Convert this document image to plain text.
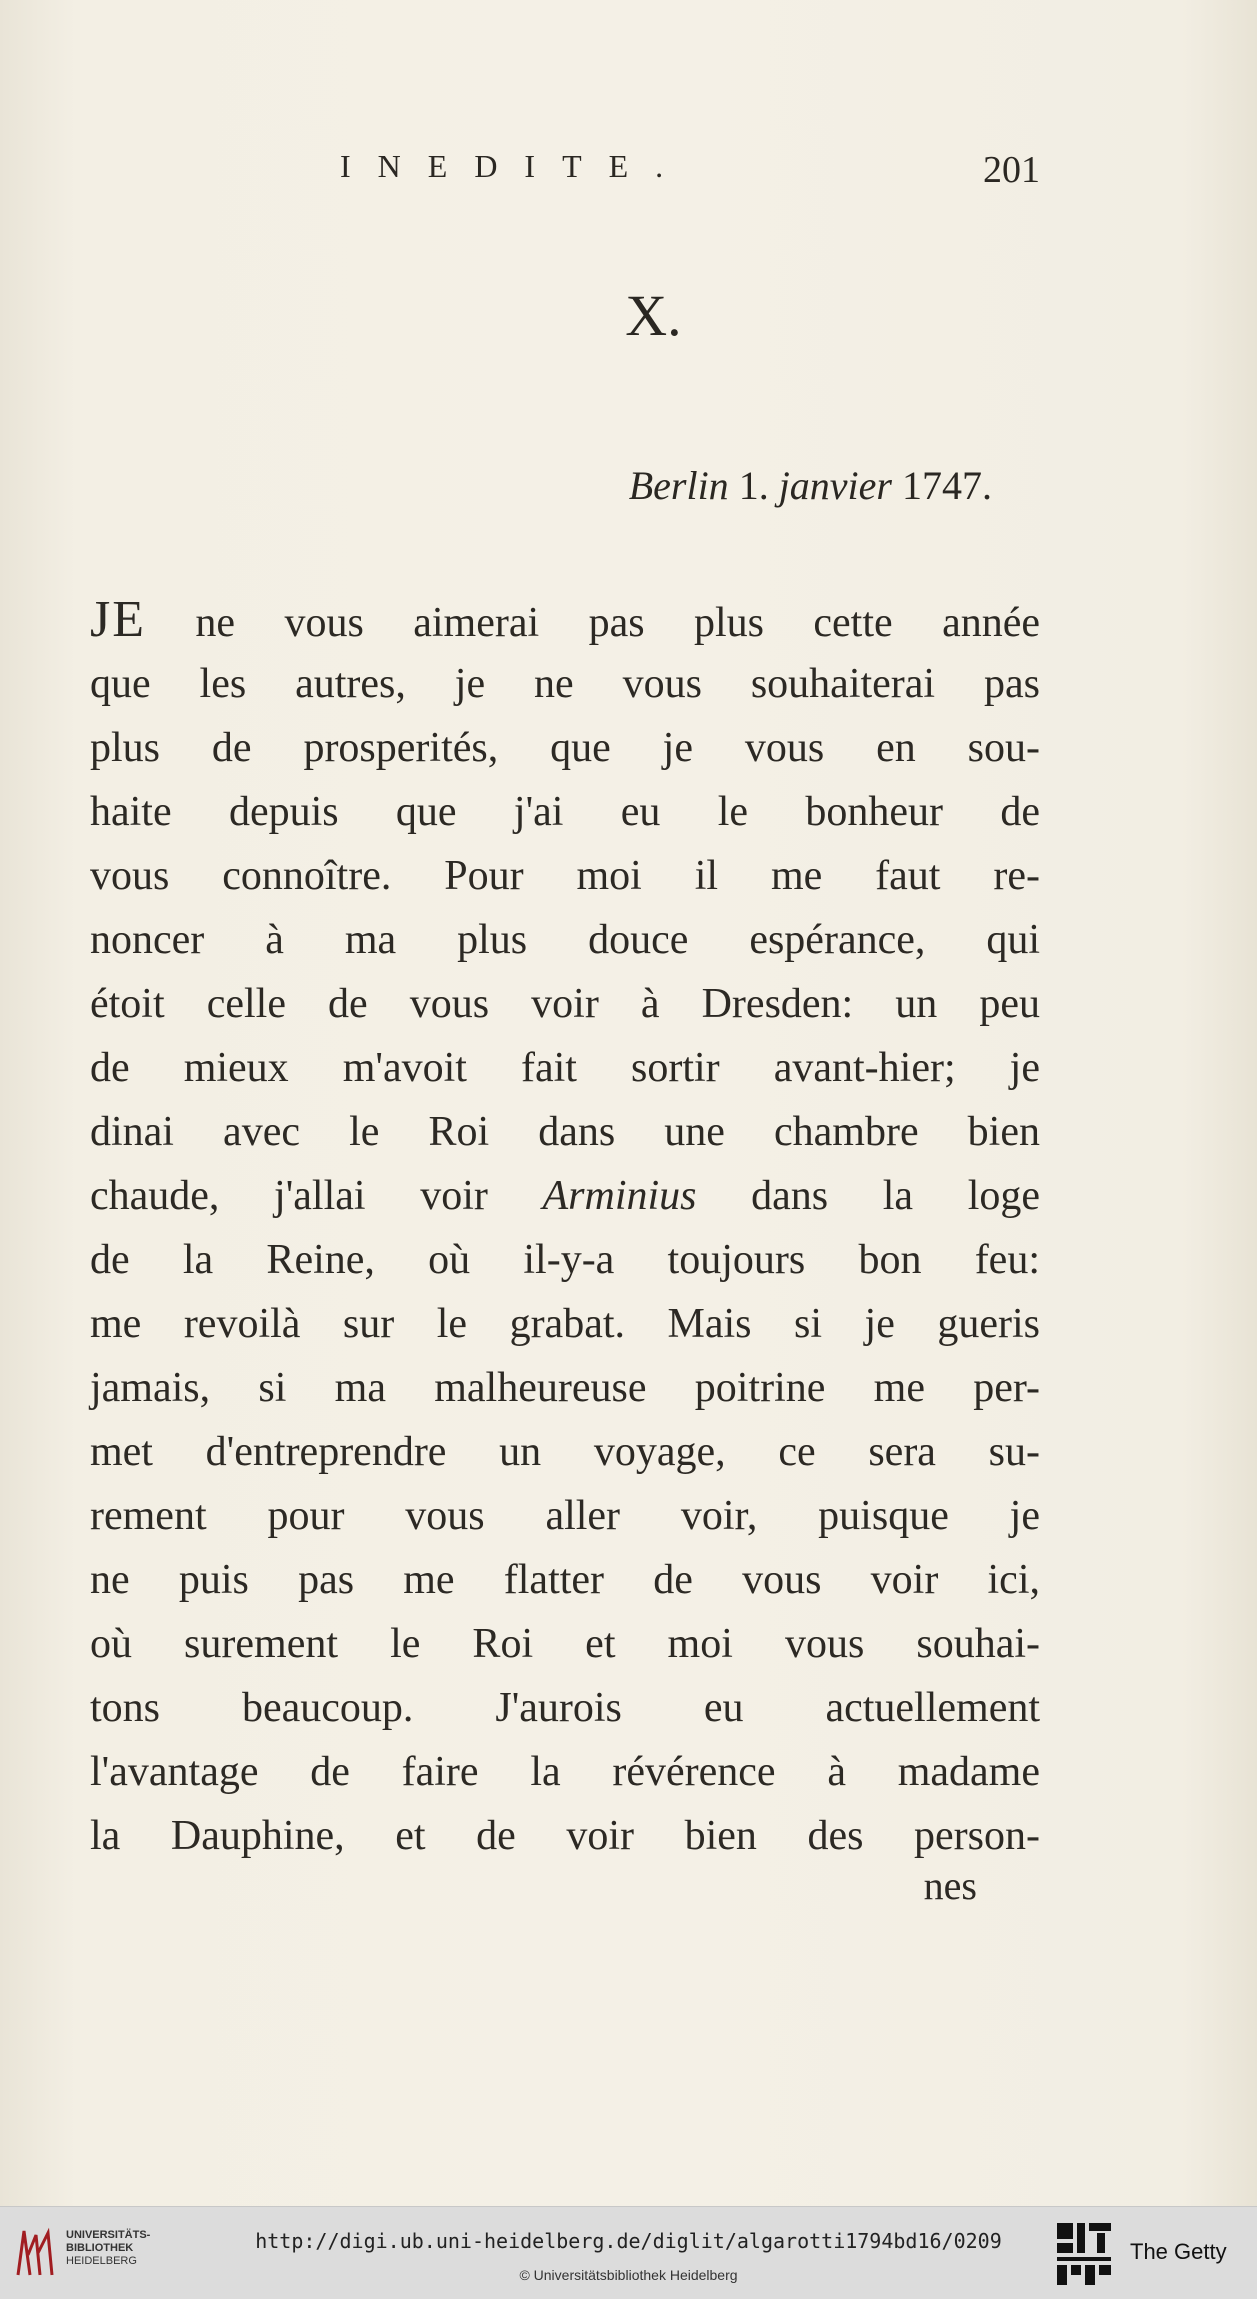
INEDITE.	201
X.
Berlin 1. janvier 1747.
JE ne vous aimerai pas plus cette année
que les autres, je ne vous souhaiterai pas
plus de prosperités, que je vous en sou-
haite depuis que j'ai eu le bonheur de
vous connoître. Pour moi il me faut re-
noncer à ma plus douce espérance, qui
étoit celle de vous voir à Dresden: un peu
de mieux m'avoit fait sortir avant-hier; je
dinai avec le Roi dans une chambre bien
chaude, j'allai voir Arminius dans la loge
de la Reine, où il-y-a toujours bon feu:
me revoilà sur le grabat. Mais si je gueris
jamais, si ma malheureuse poitrine me per-
met d'entreprendre un voyage, ce sera su-
rement pour vous aller voir, puisque je
ne puis pas me flatter de vous voir ici,
où surement le Roi et moi vous souhai-
tons beaucoup. J'aurois eu actuellement
l'avantage de faire la révérence à madame
la Dauphine, et de voir bien des person-
nes
UNIVERSITÄTS-
BIBLIOTHEK
HEIDELBERG
http://digi.ub.uni-heidelberg.de/diglit/algarotti1794bd16/0209
© Universitätsbibliothek Heidelberg
The Getty
